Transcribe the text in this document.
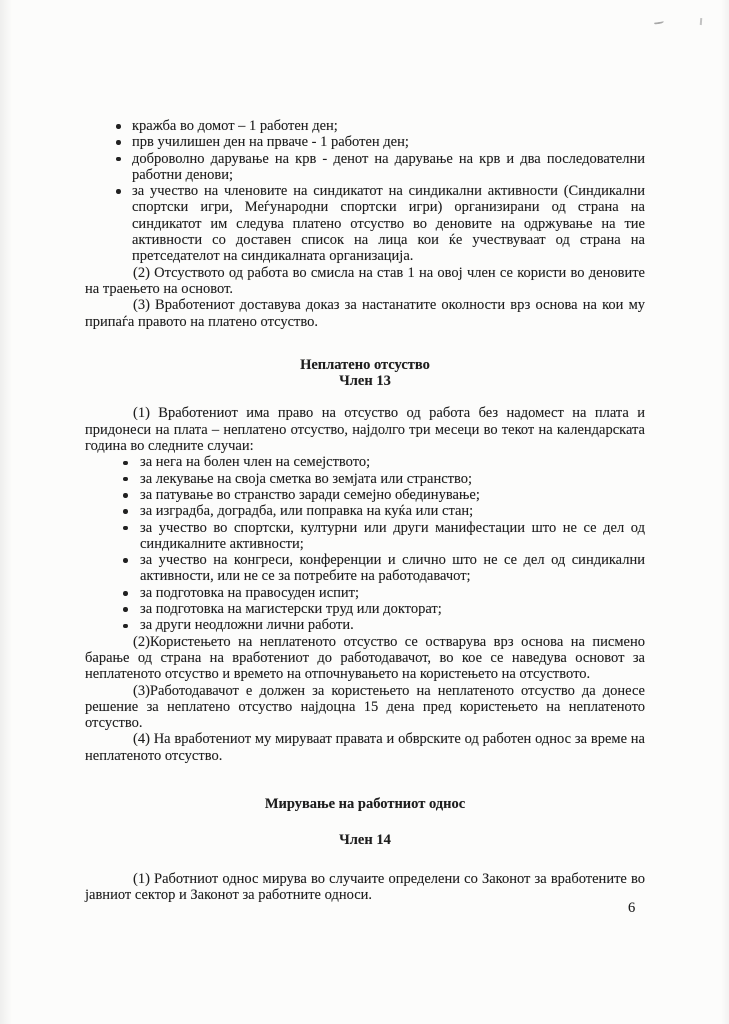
кражба во домот – 1 работен ден;
прв училишен ден на прваче - 1 работен ден;
доброволно дарување на крв - денот на дарување на крв и два последователни работни денови;
за учество на членовите на синдикатот на синдикални активности (Синдикални спортски игри, Меѓународни спортски игри) организирани од страна на синдикатот им следува платено отсуство во деновите на одржување на тие активности со доставен список на лица кои ќе учествуваат од страна на претседателот на синдикалната организација.

(2) Отсуството од работа во смисла на став 1 на овој член се користи во деновите на траењето на основот.

(3) Вработениот доставува доказ за настанатите околности врз основа на кои му припаѓа правото на платено отсуство.

Неплатено отсуство
Член 13

(1) Вработениот има право на отсуство од работа без надомест на плата и придонеси на плата – неплатено отсуство, најдолго три месеци во текот на календарската година во следните случаи:

за нега на болен член на семејството;
за лекување на своја сметка во земјата или странство;
за патување во странство заради семејно обединување;
за изградба, доградба, или поправка на куќа или стан;
за учество во спортски, културни или други манифестации што не се дел од синдикалните активности;
за учество на конгреси, конференции и слично што не се дел од синдикални активности, или не се за потребите на работодавачот;
за подготовка на правосуден испит;
за подготовка на магистерски труд или докторат;
за други неодложни лични работи.

(2)Користењето на неплатеното отсуство се остварува врз основа на писмено барање од страна на вработениот до работодавачот, во кое се наведува основот за неплатеното отсуство и времето на отпочнувањето на користењето на отсуството.

(3)Работодавачот е должен за користењето на неплатеното отсуство да донесе решение за неплатено отсуство најдоцна 15 дена пред користењето на неплатеното отсуство.

(4) На вработениот му мируваат правата и обврските од работен однос за време на неплатеното отсуство.

Мирување на работниот однос
Член 14

(1) Работниот однос мирува во случаите определени со Законот за вработените во јавниот сектор и Законот за работните односи.

6
